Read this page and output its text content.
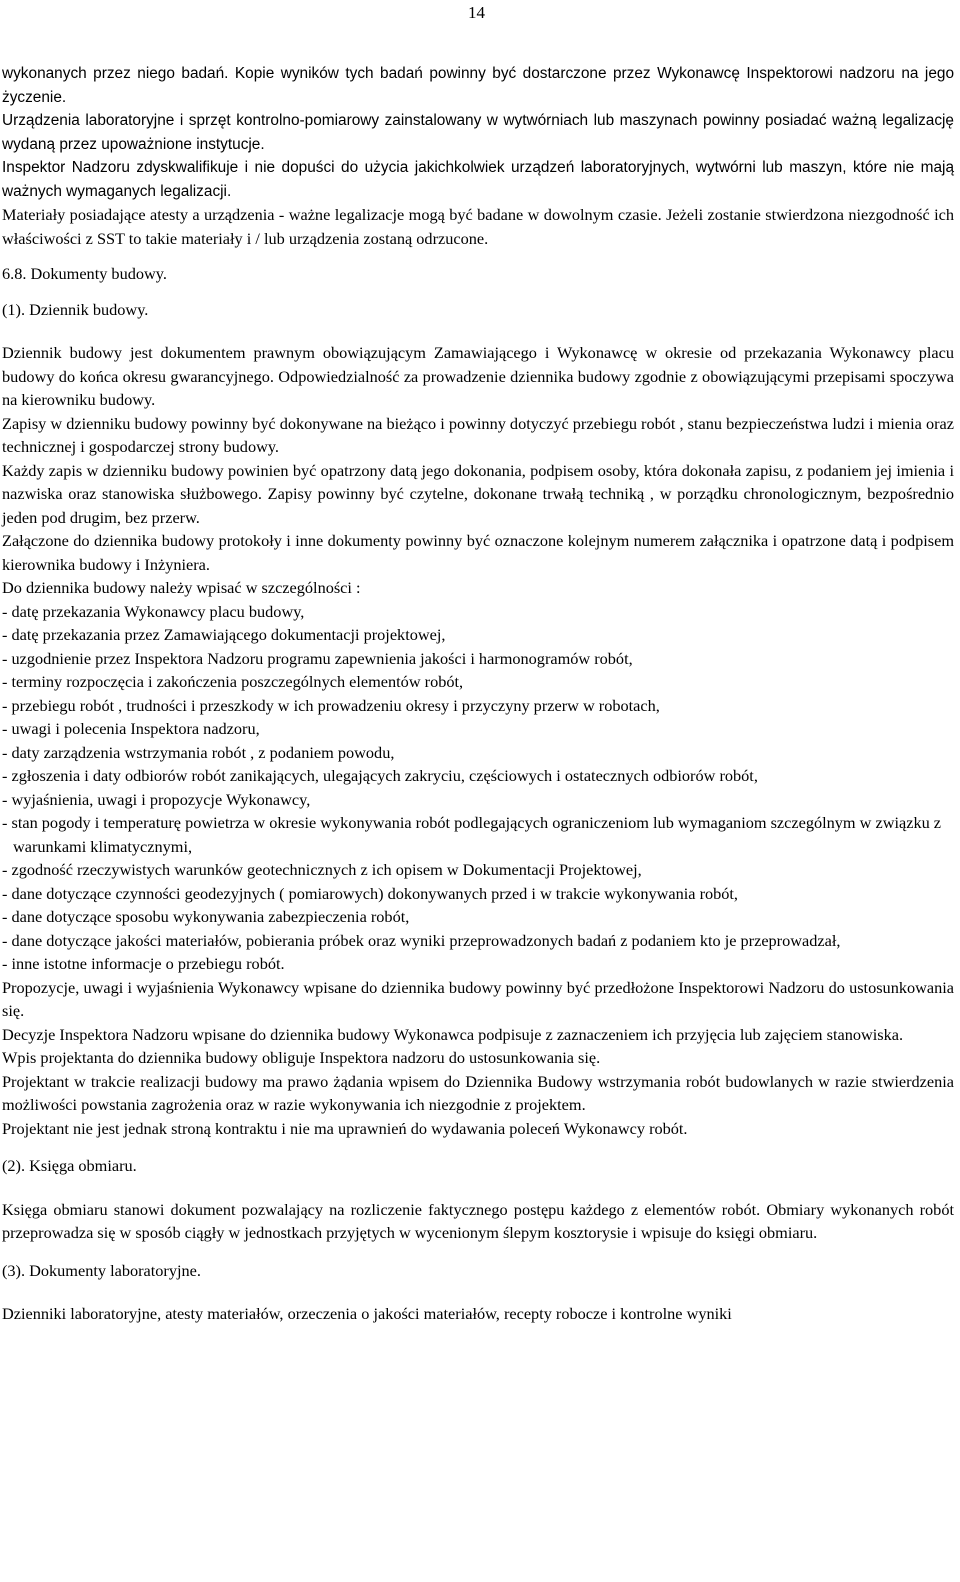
14

wykonanych przez niego badań. Kopie wyników tych badań powinny być dostarczone przez Wykonawcę Inspektorowi nadzoru na jego życzenie.

Urządzenia laboratoryjne i sprzęt kontrolno-pomiarowy zainstalowany w wytwórniach lub maszynach powinny posiadać ważną legalizację wydaną przez upoważnione instytucje.

Inspektor Nadzoru zdyskwalifikuje i nie dopuści do użycia jakichkolwiek urządzeń laboratoryjnych, wytwórni lub maszyn, które nie mają ważnych wymaganych legalizacji.

Materiały posiadające atesty a urządzenia - ważne legalizacje mogą być badane w dowolnym czasie. Jeżeli zostanie stwierdzona niezgodność ich właściwości z SST to takie materiały i / lub urządzenia zostaną odrzucone.

6.8. Dokumenty budowy.

(1). Dziennik budowy.

Dziennik budowy jest dokumentem prawnym obowiązującym Zamawiającego i Wykonawcę w okresie od przekazania Wykonawcy placu budowy do końca okresu gwarancyjnego. Odpowiedzialność za prowadzenie dziennika budowy zgodnie z obowiązującymi przepisami spoczywa na kierowniku budowy.

Zapisy w dzienniku budowy powinny być dokonywane na bieżąco i powinny dotyczyć przebiegu robót , stanu bezpieczeństwa ludzi i mienia oraz technicznej i gospodarczej strony budowy.

Każdy zapis w dzienniku budowy powinien być opatrzony datą jego dokonania, podpisem osoby, która dokonała zapisu, z podaniem jej imienia i nazwiska oraz stanowiska służbowego. Zapisy powinny być czytelne, dokonane trwałą techniką , w porządku chronologicznym, bezpośrednio jeden pod drugim, bez przerw.

Załączone do dziennika budowy protokoły i inne dokumenty powinny być oznaczone kolejnym numerem załącznika i opatrzone datą i podpisem kierownika budowy i Inżyniera.

Do dziennika budowy należy wpisać w szczególności :

- datę przekazania Wykonawcy placu budowy,

- datę przekazania przez Zamawiającego dokumentacji projektowej,

- uzgodnienie przez Inspektora Nadzoru programu zapewnienia jakości i harmonogramów robót,

- terminy rozpoczęcia i zakończenia poszczególnych elementów robót,

- przebiegu robót , trudności i przeszkody w ich prowadzeniu okresy i przyczyny przerw w robotach,

- uwagi i polecenia Inspektora nadzoru,

- daty zarządzenia wstrzymania robót , z podaniem powodu,

- zgłoszenia i daty odbiorów robót zanikających, ulegających zakryciu, częściowych i ostatecznych odbiorów robót,

- wyjaśnienia, uwagi i propozycje Wykonawcy,

- stan pogody i temperaturę powietrza w okresie wykonywania robót podlegających ograniczeniom lub wymaganiom szczególnym w związku z warunkami klimatycznymi,

- zgodność rzeczywistych warunków geotechnicznych z ich opisem w Dokumentacji Projektowej,

- dane dotyczące czynności geodezyjnych ( pomiarowych) dokonywanych przed i w trakcie wykonywania robót,

- dane dotyczące sposobu wykonywania zabezpieczenia robót,

- dane dotyczące jakości materiałów, pobierania próbek oraz wyniki przeprowadzonych badań z podaniem kto je przeprowadzał,

- inne istotne informacje o przebiegu robót.

Propozycje, uwagi i wyjaśnienia Wykonawcy wpisane do dziennika budowy powinny być przedłożone Inspektorowi Nadzoru do ustosunkowania się.

Decyzje Inspektora Nadzoru wpisane do dziennika budowy Wykonawca podpisuje z zaznaczeniem ich przyjęcia lub zajęciem stanowiska.

Wpis projektanta do dziennika budowy obliguje Inspektora nadzoru do ustosunkowania się.

Projektant w trakcie realizacji budowy ma prawo żądania wpisem do Dziennika Budowy wstrzymania robót budowlanych w razie stwierdzenia możliwości powstania zagrożenia oraz w razie wykonywania ich niezgodnie z projektem.

Projektant nie jest jednak stroną kontraktu i nie ma uprawnień do wydawania poleceń Wykonawcy robót.

(2). Księga obmiaru.

Księga obmiaru stanowi dokument pozwalający na rozliczenie faktycznego postępu każdego z elementów robót. Obmiary wykonanych robót przeprowadza się w sposób ciągły w jednostkach przyjętych w wycenionym ślepym kosztorysie i wpisuje do księgi obmiaru.

(3). Dokumenty laboratoryjne.

Dzienniki laboratoryjne, atesty materiałów, orzeczenia o jakości materiałów, recepty robocze i kontrolne wyniki
